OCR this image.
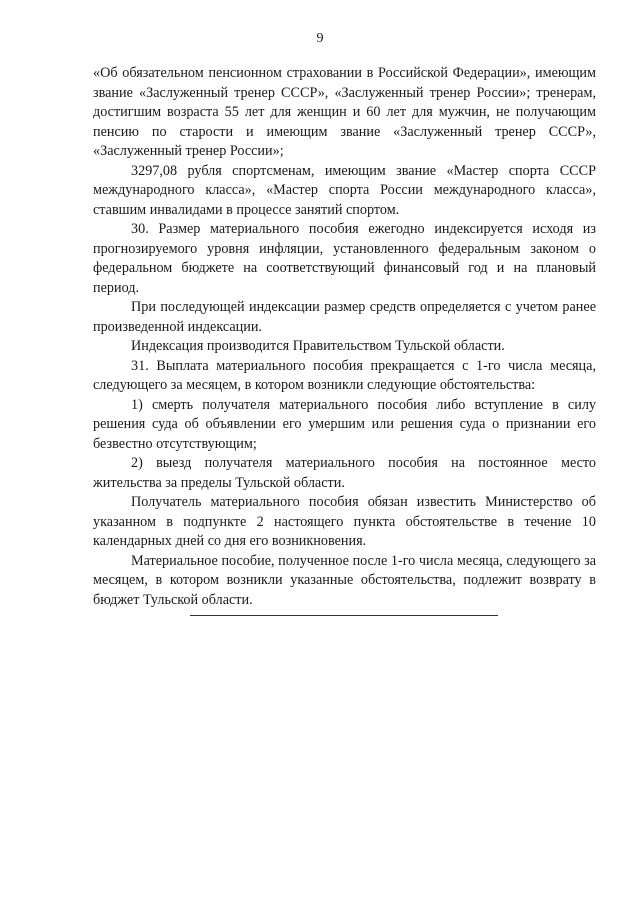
9

«Об обязательном пенсионном страховании в Российской Федерации», имеющим звание «Заслуженный тренер СССР», «Заслуженный тренер России»; тренерам, достигшим возраста 55 лет для женщин и 60 лет для мужчин, не получающим пенсию по старости и имеющим звание «Заслуженный тренер СССР», «Заслуженный тренер России»;

3297,08 рубля спортсменам, имеющим звание «Мастер спорта СССР международного класса», «Мастер спорта России международного класса», ставшим инвалидами в процессе занятий спортом.

30. Размер материального пособия ежегодно индексируется исходя из прогнозируемого уровня инфляции, установленного федеральным законом о федеральном бюджете на соответствующий финансовый год и на плановый период.

При последующей индексации размер средств определяется с учетом ранее произведенной индексации.

Индексация производится Правительством Тульской области.

31. Выплата материального пособия прекращается с 1-го числа месяца, следующего за месяцем, в котором возникли следующие обстоятельства:

1) смерть получателя материального пособия либо вступление в силу решения суда об объявлении его умершим или решения суда о признании его безвестно отсутствующим;

2) выезд получателя материального пособия на постоянное место жительства за пределы Тульской области.

Получатель материального пособия обязан известить Министерство об указанном в подпункте 2 настоящего пункта обстоятельстве в течение 10 календарных дней со дня его возникновения.

Материальное пособие, полученное после 1-го числа месяца, следующего за месяцем, в котором возникли указанные обстоятельства, подлежит возврату в бюджет Тульской области.
